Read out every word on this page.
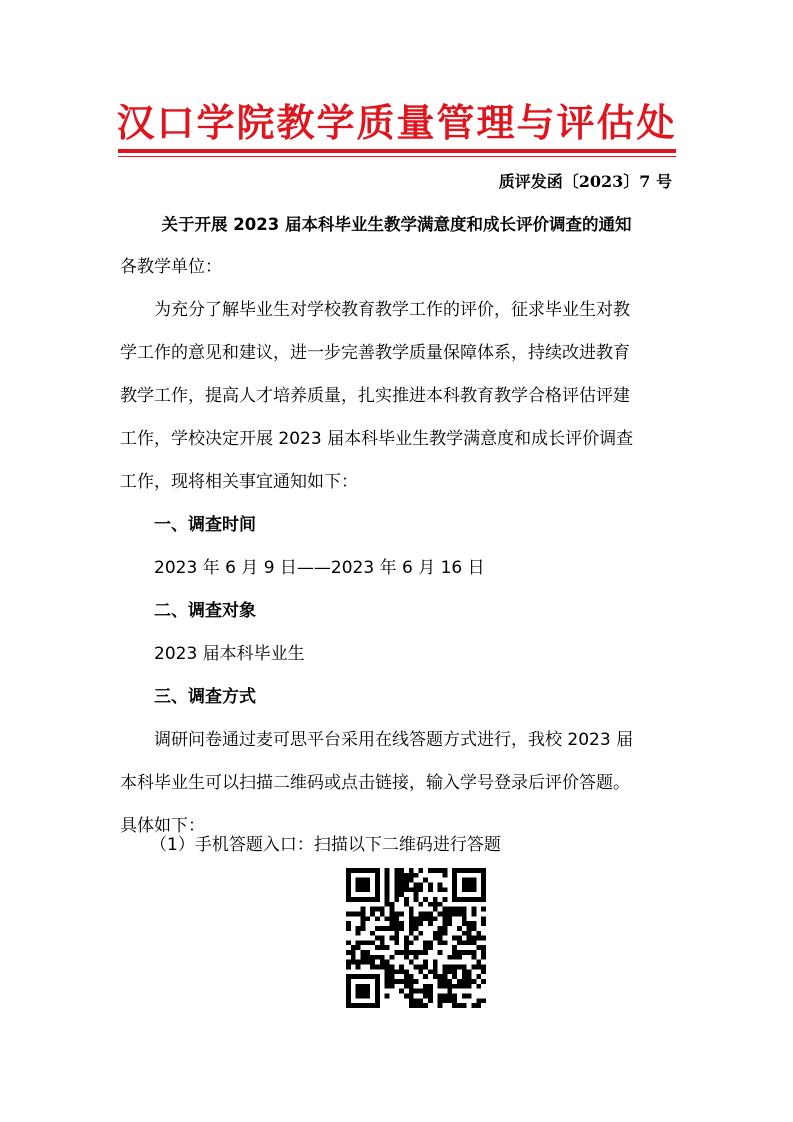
汉口学院教学质量管理与评估处
质评发函〔2023〕7 号
关于开展 2023 届本科毕业生教学满意度和成长评价调查的通知
各教学单位：
为充分了解毕业生对学校教育教学工作的评价，征求毕业生对教
学工作的意见和建议，进一步完善教学质量保障体系，持续改进教育
教学工作，提高人才培养质量，扎实推进本科教育教学合格评估评建
工作，学校决定开展 2023 届本科毕业生教学满意度和成长评价调查
工作，现将相关事宜通知如下：
一、调查时间
2023 年 6 月 9 日——2023 年 6 月 16 日
二、调查对象
2023 届本科毕业生
三、调查方式
调研问卷通过麦可思平台采用在线答题方式进行，我校 2023 届
本科毕业生可以扫描二维码或点击链接，输入学号登录后评价答题。
具体如下：
（1）手机答题入口：扫描以下二维码进行答题
